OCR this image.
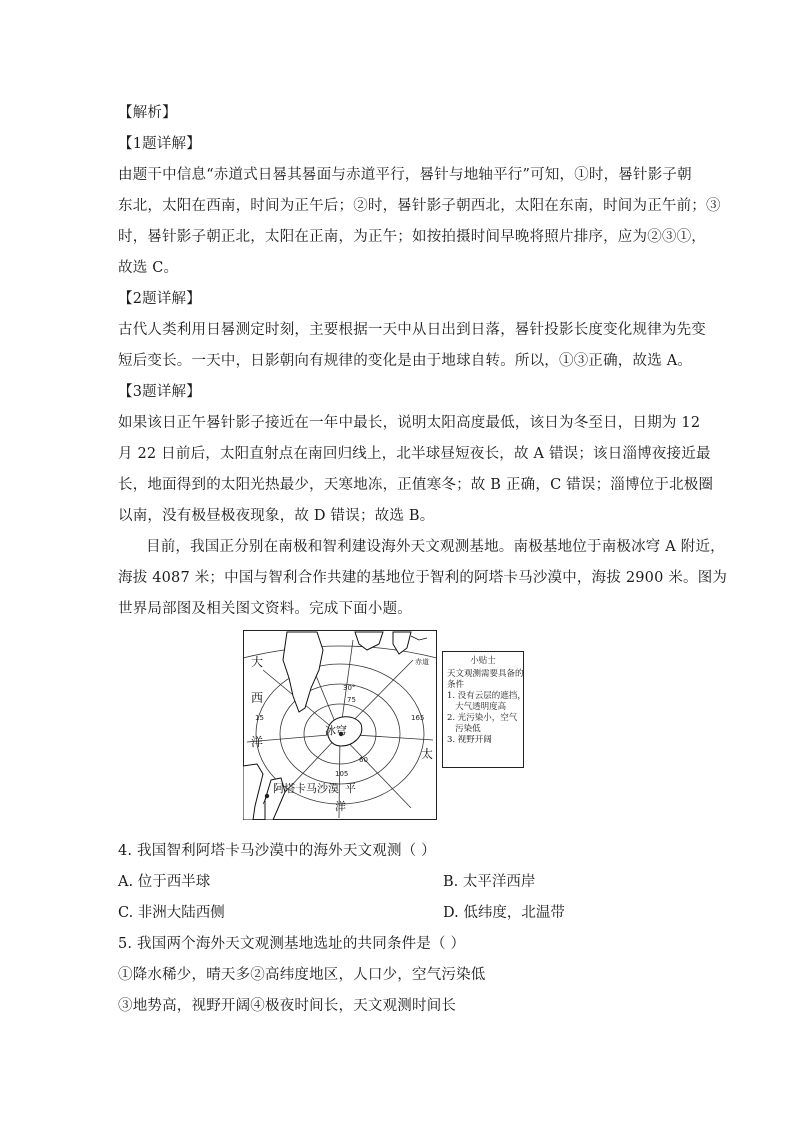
【解析】
【1题详解】
由题干中信息“赤道式日晷其晷面与赤道平行，晷针与地轴平行”可知，①时，晷针影子朝
东北，太阳在西南，时间为正午后；②时，晷针影子朝西北，太阳在东南，时间为正午前；③
时，晷针影子朝正北，太阳在正南，为正午；如按拍摄时间早晚将照片排序，应为②③①，
故选 C。
【2题详解】
古代人类利用日晷测定时刻，主要根据一天中从日出到日落，晷针投影长度变化规律为先变
短后变长。一天中，日影朝向有规律的变化是由于地球自转。所以，①③正确，故选 A。
【3题详解】
如果该日正午晷针影子接近在一年中最长，说明太阳高度最低，该日为冬至日，日期为 12
月 22 日前后，太阳直射点在南回归线上，北半球昼短夜长，故 A 错误；该日淄博夜接近最
长，地面得到的太阳光热最少，天寒地冻，正值寒冬；故 B 正确，C 错误；淄博位于北极圈
以南，没有极昼极夜现象，故 D 错误；故选 B。
目前，我国正分别在南极和智利建设海外天文观测基地。南极基地位于南极冰穹 A 附近，
海拔 4087 米；中国与智利合作共建的基地位于智利的阿塔卡马沙漠中，海拔 2900 米。图为
世界局部图及相关图文资料。完成下面小题。
大
西
洋
太
冰穹
阿塔卡马沙漠 平
洋
赤道
30°
75
15	165
60
105
小贴士
天文观测需要具备的
条件
1. 没有云层的遮挡，
大气透明度高
2. 光污染小，空气
污染低
3. 视野开阔
4. 我国智利阿塔卡马沙漠中的海外天文观测（ ）
A. 位于西半球	B. 太平洋西岸
C. 非洲大陆西侧	D. 低纬度，北温带
5. 我国两个海外天文观测基地选址的共同条件是（ ）
①降水稀少，晴天多②高纬度地区，人口少，空气污染低
③地势高，视野开阔④极夜时间长，天文观测时间长
